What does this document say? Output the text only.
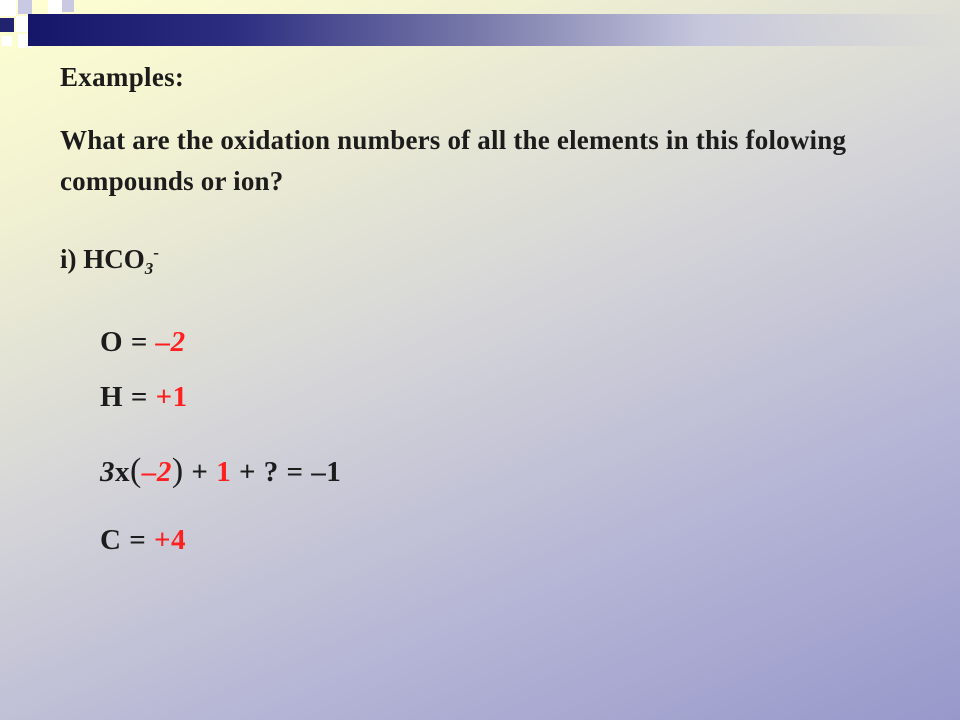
Examples:
What are the oxidation numbers of all the elements in this folowing compounds or ion?
i) $HCO_3^-$
O = –2
H = +1
3x(–2) + 1 + ? = –1
C = +4
